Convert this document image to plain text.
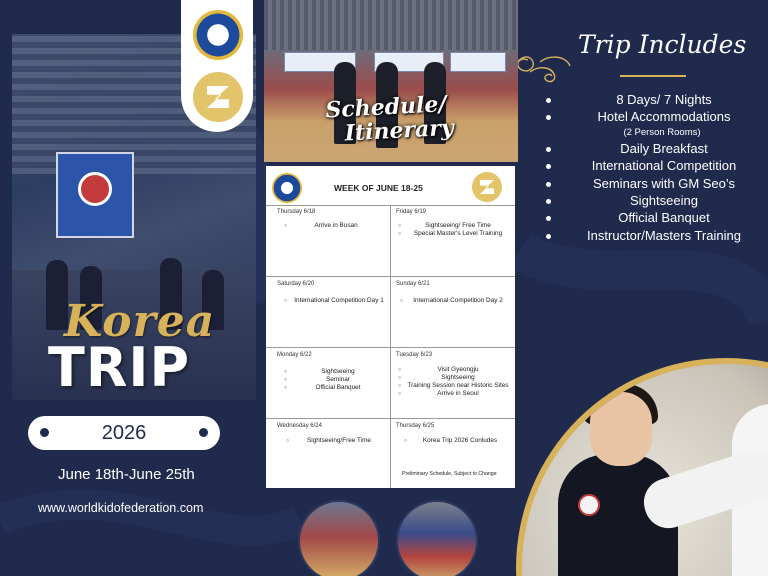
Korea
TRIP
2026
June 18th-June 25th
www.worldkidofederation.com
Schedule/
Itinerary
WEEK OF JUNE 18-25
Thursday 6/18
○ Arrive in Busan
Friday 6/19
○ Sightseeing/ Free Time
○ Special Master's Level Training
Saturday 6/20
○ International Competition Day 1
Sunday 6/21
○ International Competition Day 2
Monday 6/22
○ Sightseeing
○ Seminar
○ Official Banquet
Tuesday 6/23
○ Visit Gyeongju
○ Sightseeing
○ Training Session near Historic Sites
○ Arrive in Seoul
Wednesday 6/24
○ Sightseeing/Free Time
Thursday 6/25
○ Korea Trip 2026 Conludes
Preliminary Schedule, Subject to Change
Trip Includes
8 Days/ 7 Nights
Hotel Accommodations
(2 Person Rooms)
Daily Breakfast
International Competition
Seminars with GM Seo’s
Sightseeing
Official Banquet
Instructor/Masters Training
